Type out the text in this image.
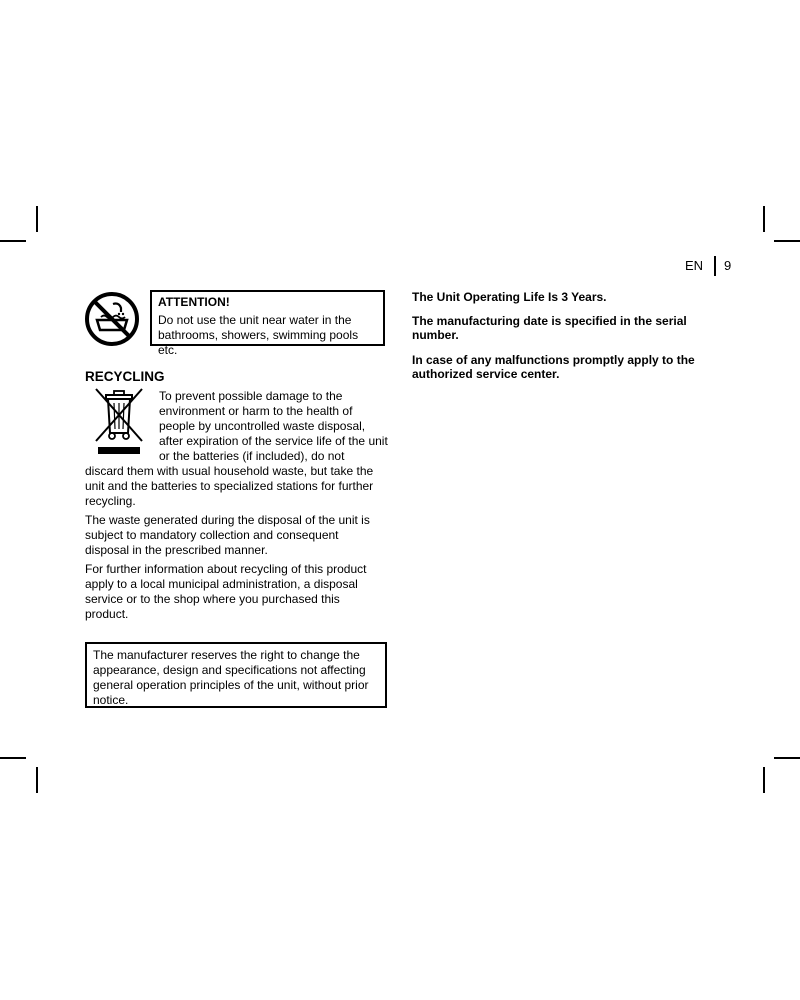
EN 9
ATTENTION!
Do not use the unit near water in the bathrooms, showers, swimming pools etc.
RECYCLING

To prevent possible damage to the environment or harm to the health of people by uncontrolled waste disposal, after expiration of the service life of the unit or the batteries (if included), do not

discard them with usual household waste, but take the unit and the batteries to specialized stations for further recycling.

The waste generated during the disposal of the unit is subject to mandatory collection and consequent disposal in the prescribed manner.

For further information about recycling of this product apply to a local municipal administration, a disposal service or to the shop where you purchased this product.

The manufacturer reserves the right to change the appearance, design and specifications not affecting general operation principles of the unit, without prior notice.

The Unit Operating Life Is 3 Years.

The manufacturing date is specified in the serial number.

In case of any malfunctions promptly apply to the authorized service center.
